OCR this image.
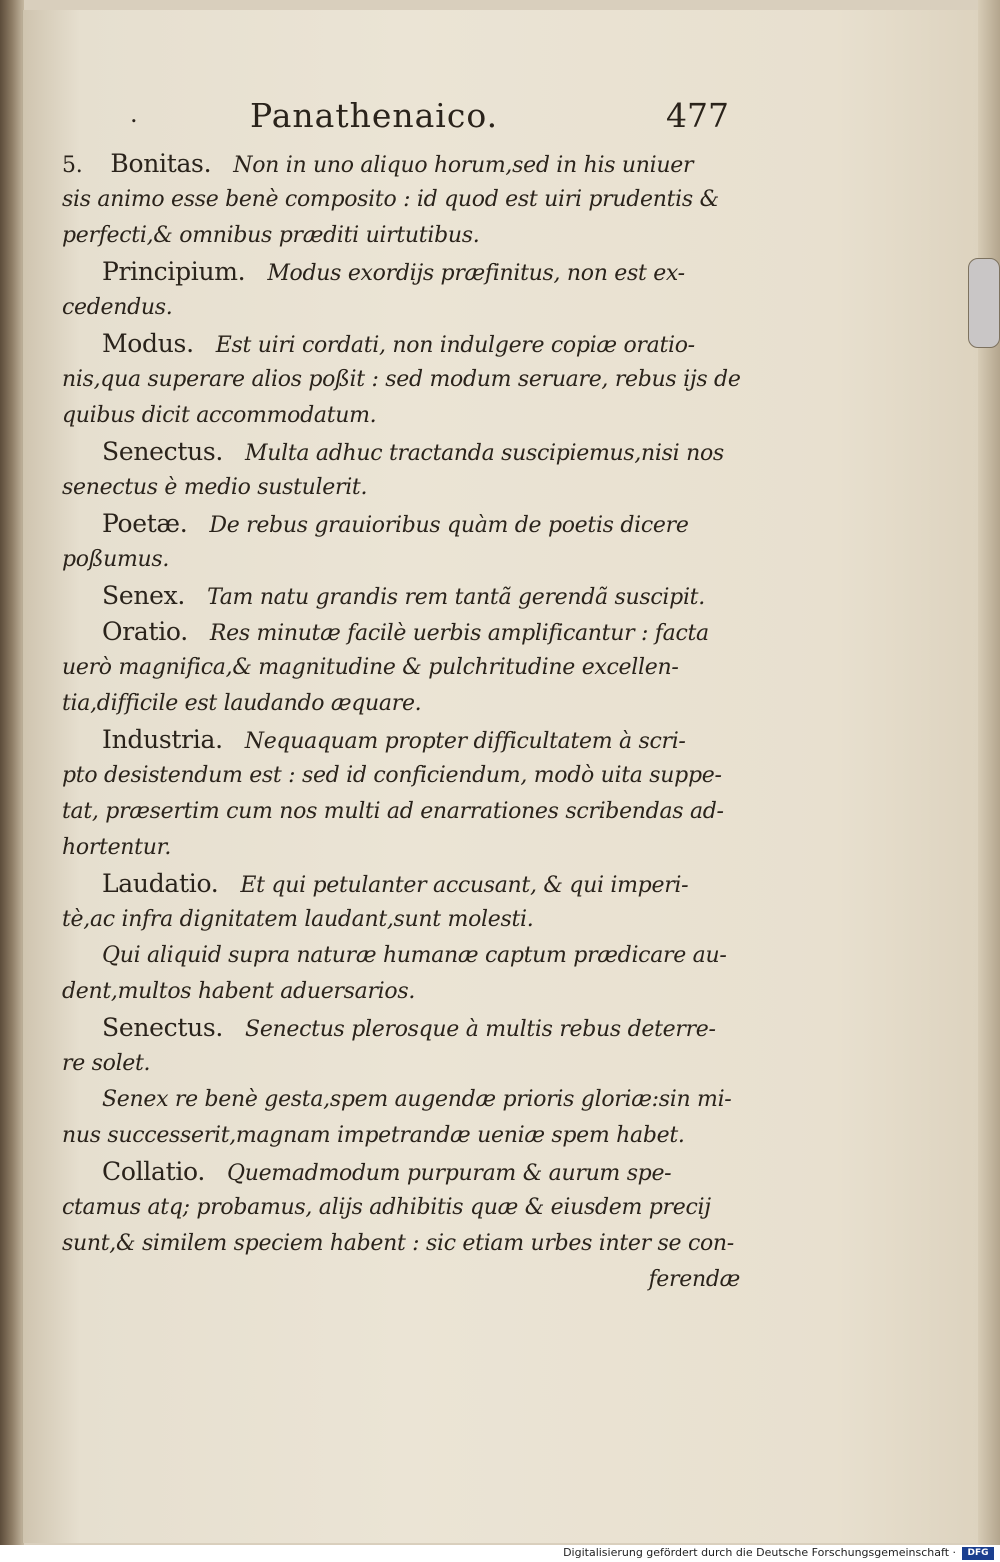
.	Panathenaico.	477
5. Bonitas. Non in uno aliquo horum,sed in his uniuer
sis animo esse benè composito : id quod est uiri prudentis &
perfecti,& omnibus præditi uirtutibus.
Principium. Modus exordijs præfinitus, non est ex-
cedendus.
Modus. Est uiri cordati, non indulgere copiæ oratio-
nis,qua superare alios poßit : sed modum seruare, rebus ijs de
quibus dicit accommodatum.
Senectus. Multa adhuc tractanda suscipiemus,nisi nos
senectus è medio sustulerit.
Poetæ. De rebus grauioribus quàm de poetis dicere
poßumus.
Senex. Tam natu grandis rem tantã gerendã suscipit.
Oratio. Res minutæ facilè uerbis amplificantur : facta
uerò magnifica,& magnitudine & pulchritudine excellen-
tia,difficile est laudando æquare.
Industria. Nequaquam propter difficultatem à scri-
pto desistendum est : sed id conficiendum, modò uita suppe-
tat, præsertim cum nos multi ad enarrationes scribendas ad-
hortentur.
Laudatio. Et qui petulanter accusant, & qui imperi-
tè,ac infra dignitatem laudant,sunt molesti.
Qui aliquid supra naturæ humanæ captum prædicare au-
dent,multos habent aduersarios.
Senectus. Senectus plerosque à multis rebus deterre-
re solet.
Senex re benè gesta,spem augendæ prioris gloriæ:sin mi-
nus successerit,magnam impetrandæ ueniæ spem habet.
Collatio. Quemadmodum purpuram & aurum spe-
ctamus atq; probamus, alijs adhibitis quæ & eiusdem precij
sunt,& similem speciem habent : sic etiam urbes inter se con-
ferendæ
Digitalisierung gefördert durch die Deutsche Forschungsgemeinschaft ·	DFG
